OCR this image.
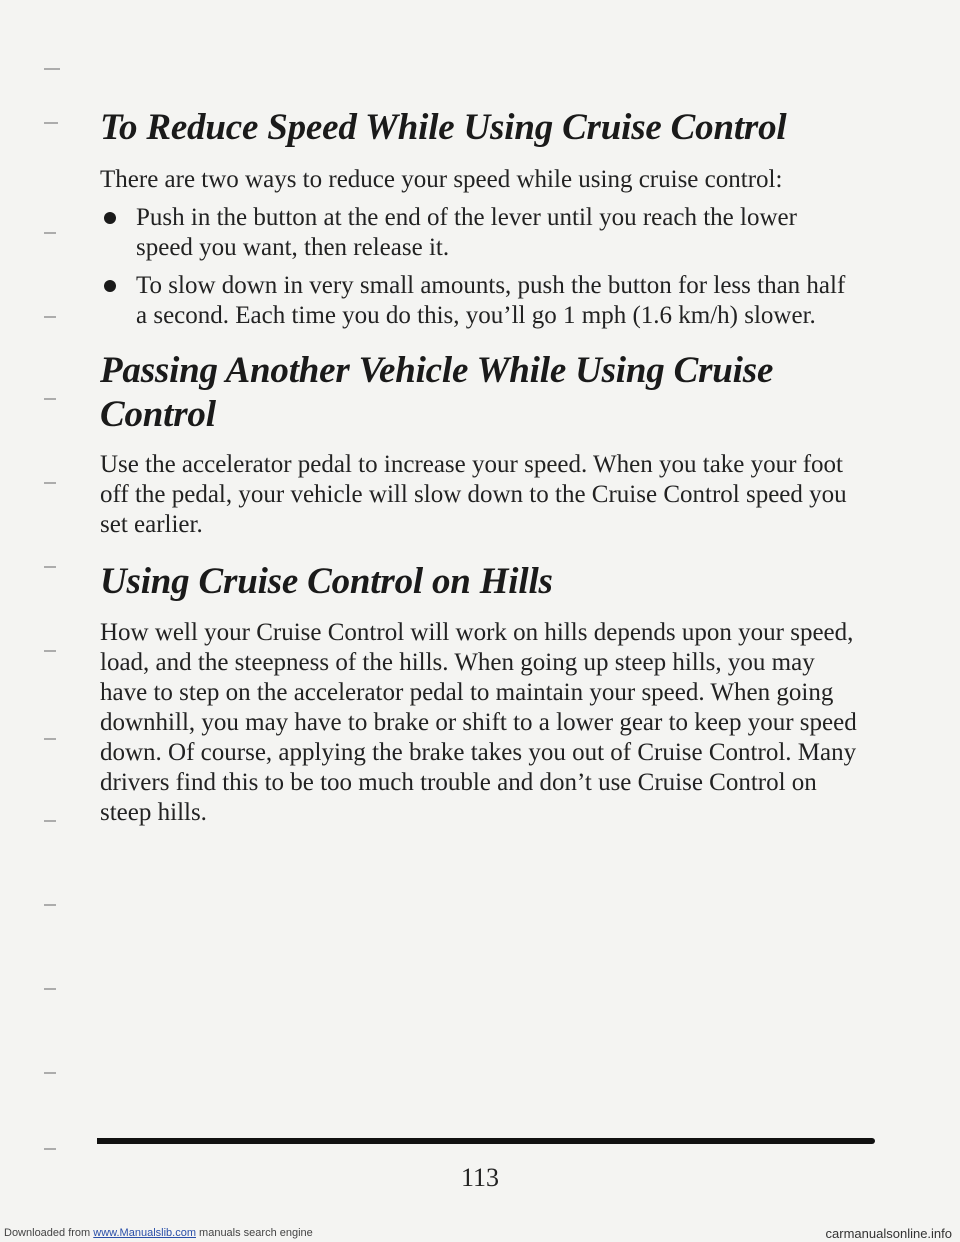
To Reduce Speed While Using Cruise Control

There are two ways to reduce your speed while using cruise control:

Push in the button at the end of the lever until you reach the lower speed you want, then release it.
To slow down in very small amounts, push the button for less than half a second. Each time you do this, you’ll go 1 mph (1.6 km/h) slower.
Passing Another Vehicle While Using Cruise Control

Use the accelerator pedal to increase your speed. When you take your foot off the pedal, your vehicle will slow down to the Cruise Control speed you set earlier.

Using Cruise Control on Hills

How well your Cruise Control will work on hills depends upon your speed, load, and the steepness of the hills. When going up steep hills, you may have to step on the accelerator pedal to maintain your speed. When going downhill, you may have to brake or shift to a lower gear to keep your speed down. Of course, applying the brake takes you out of Cruise Control. Many drivers find this to be too much trouble and don’t use Cruise Control on steep hills.

113

Downloaded from www.Manualslib.com manuals search engine	carmanualsonline.info
